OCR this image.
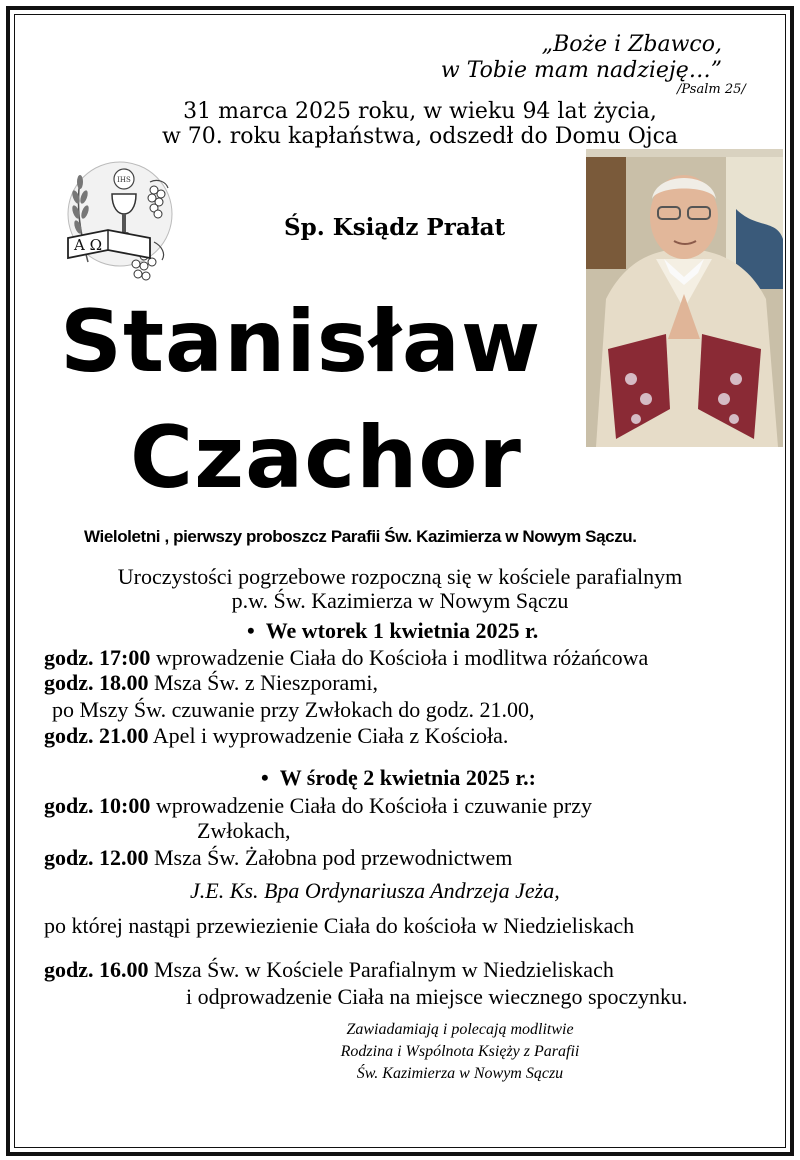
„Boże i Zbawco,
w Tobie mam nadzieję…”
/Psalm 25/
31 marca 2025 roku, w wieku 94 lat życia,
w 70. roku kapłaństwa, odszedł do Domu Ojca
IHS
A Ω
Śp. Ksiądz Prałat
Stanisław
Czachor
Wieloletni , pierwszy proboszcz Parafii Św. Kazimierza w Nowym Sączu.
Uroczystości pogrzebowe rozpoczną się w kościele parafialnym
p.w. Św. Kazimierza w Nowym Sączu
•  We wtorek 1 kwietnia 2025 r.
godz. 17:00 wprowadzenie Ciała do Kościoła i modlitwa różańcowa
godz. 18.00 Msza Św. z Nieszporami,
po Mszy Św. czuwanie przy Zwłokach do godz. 21.00,
godz. 21.00 Apel i wyprowadzenie Ciała z Kościoła.
•  W środę 2 kwietnia 2025 r.:
godz. 10:00 wprowadzenie Ciała do Kościoła i czuwanie przy
Zwłokach,
godz. 12.00 Msza Św. Żałobna pod przewodnictwem
J.E. Ks. Bpa Ordynariusza Andrzeja Jeża,
po której nastąpi przewiezienie Ciała do kościoła w Niedzieliskach
godz. 16.00 Msza Św. w Kościele Parafialnym w Niedzieliskach
i odprowadzenie Ciała na miejsce wiecznego spoczynku.
Zawiadamiają i polecają modlitwie
Rodzina i Wspólnota Księży z Parafii
Św. Kazimierza w Nowym Sączu
